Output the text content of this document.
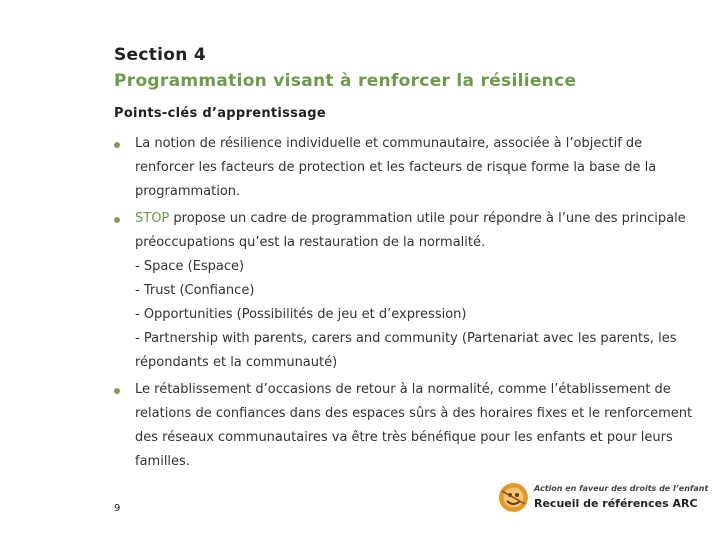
Section 4
Programmation visant à renforcer la résilience
Points-clés d’apprentissage
La notion de résilience individuelle et communautaire, associée à l’objectif de renforcer les facteurs de protection et les facteurs de risque forme la base de la programmation.
STOP propose un cadre de programmation utile pour répondre à l’une des principale préoccupations qu’est la restauration de la normalité.
- Space (Espace)
- Trust (Confiance)
- Opportunities (Possibilités de jeu et d’expression)
- Partnership with parents, carers and community (Partenariat avec les parents, les répondants et la communauté)
Le rétablissement d’occasions de retour à la normalité, comme l’établissement de relations de confiances dans des espaces sûrs à des horaires fixes et le renforcement des réseaux communautaires va être très bénéfique pour les enfants et pour leurs familles.
9
Action en faveur des droits de l’enfant
Recueil de références ARC
